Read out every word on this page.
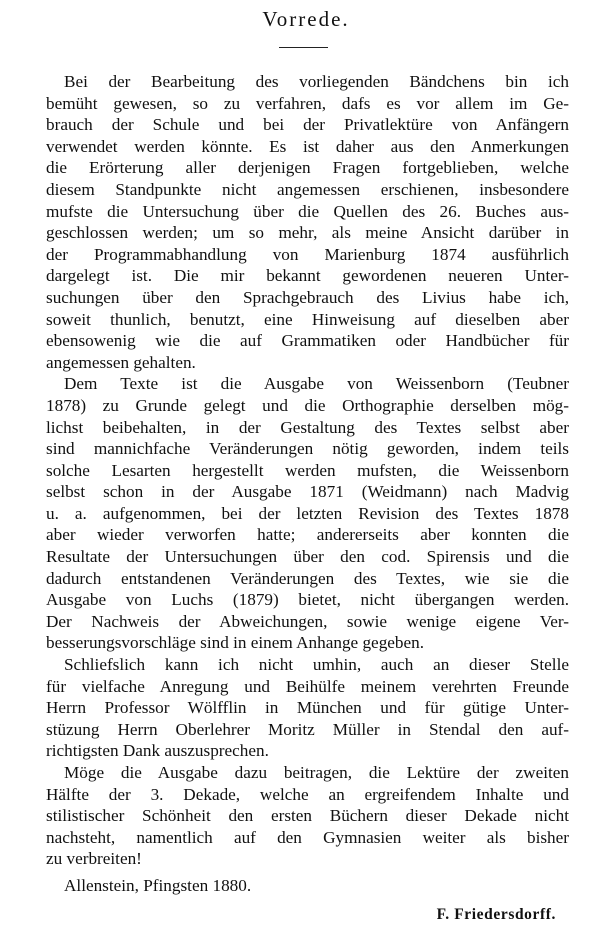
Vorrede.
Bei der Bearbeitung des vorliegenden Bändchens bin ich
bemüht gewesen, so zu verfahren, dafs es vor allem im Ge-
brauch der Schule und bei der Privatlektüre von Anfängern
verwendet werden könnte. Es ist daher aus den Anmerkungen
die Erörterung aller derjenigen Fragen fortgeblieben, welche
diesem Standpunkte nicht angemessen erschienen, insbesondere
mufste die Untersuchung über die Quellen des 26. Buches aus-
geschlossen werden; um so mehr, als meine Ansicht darüber in
der Programmabhandlung von Marienburg 1874 ausführlich
dargelegt ist. Die mir bekannt gewordenen neueren Unter-
suchungen über den Sprachgebrauch des Livius habe ich,
soweit thunlich, benutzt, eine Hinweisung auf dieselben aber
ebensowenig wie die auf Grammatiken oder Handbücher für
angemessen gehalten.
Dem Texte ist die Ausgabe von Weissenborn (Teubner
1878) zu Grunde gelegt und die Orthographie derselben mög-
lichst beibehalten, in der Gestaltung des Textes selbst aber
sind mannichfache Veränderungen nötig geworden, indem teils
solche Lesarten hergestellt werden mufsten, die Weissenborn
selbst schon in der Ausgabe 1871 (Weidmann) nach Madvig
u. a. aufgenommen, bei der letzten Revision des Textes 1878
aber wieder verworfen hatte; andererseits aber konnten die
Resultate der Untersuchungen über den cod. Spirensis und die
dadurch entstandenen Veränderungen des Textes, wie sie die
Ausgabe von Luchs (1879) bietet, nicht übergangen werden.
Der Nachweis der Abweichungen, sowie wenige eigene Ver-
besserungsvorschläge sind in einem Anhange gegeben.
Schliefslich kann ich nicht umhin, auch an dieser Stelle
für vielfache Anregung und Beihülfe meinem verehrten Freunde
Herrn Professor Wölfflin in München und für gütige Unter-
stüzung Herrn Oberlehrer Moritz Müller in Stendal den auf-
richtigsten Dank auszusprechen.
Möge die Ausgabe dazu beitragen, die Lektüre der zweiten
Hälfte der 3. Dekade, welche an ergreifendem Inhalte und
stilistischer Schönheit den ersten Büchern dieser Dekade nicht
nachsteht, namentlich auf den Gymnasien weiter als bisher
zu verbreiten!
Allenstein, Pfingsten 1880.
F. Friedersdorff.
